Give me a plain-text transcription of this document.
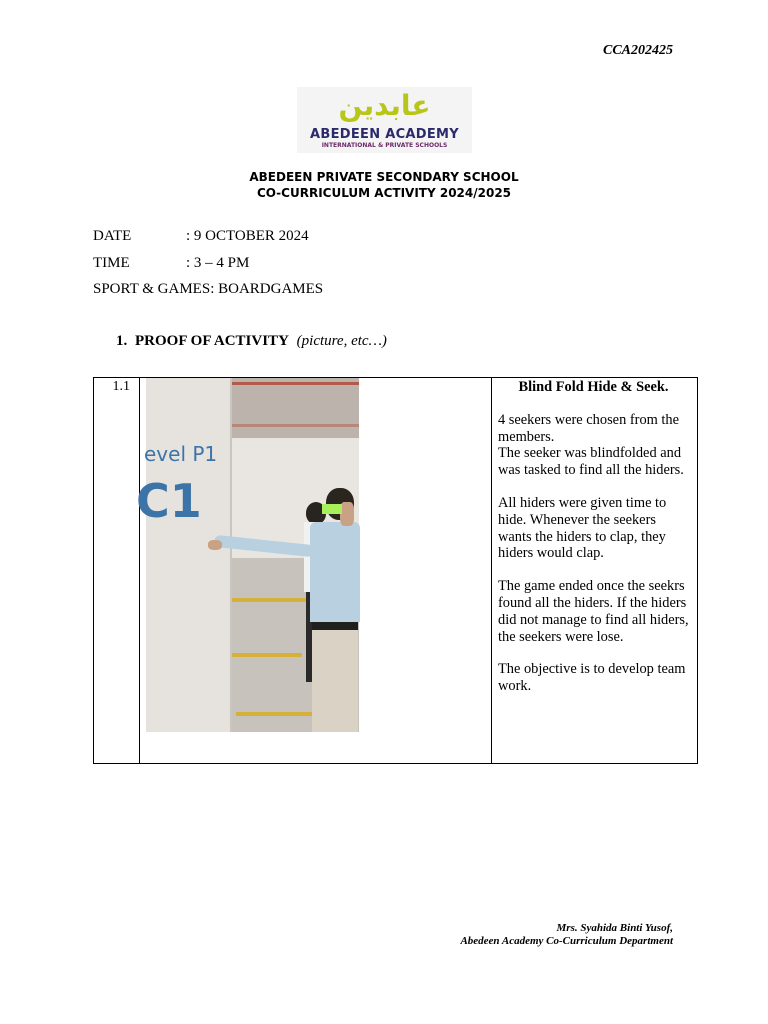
CCA202425
عابدين
ABEDEEN ACADEMY
INTERNATIONAL & PRIVATE SCHOOLS
ABEDEEN PRIVATE SECONDARY SCHOOL
CO-CURRICULUM ACTIVITY 2024/2025
DATE	: 9 OCTOBER 2024
TIME	: 3 – 4 PM
SPORT & GAMES: BOARDGAMES
1. PROOF OF ACTIVITY (picture, etc…)
1.1	
evel P1
C1

Blind Fold Hide & Seek.

4 seekers were chosen from the members.

The seeker was blindfolded and was tasked to find all the hiders.

All hiders were given time to hide. Whenever the seekers wants the hiders to clap, they hiders would clap.

The game ended once the seekrs found all the hiders. If the hiders did not manage to find all hiders, the seekers were lose.

The objective is to develop team work.

Mrs. Syahida Binti Yusof,
Abedeen Academy Co-Curriculum Department
